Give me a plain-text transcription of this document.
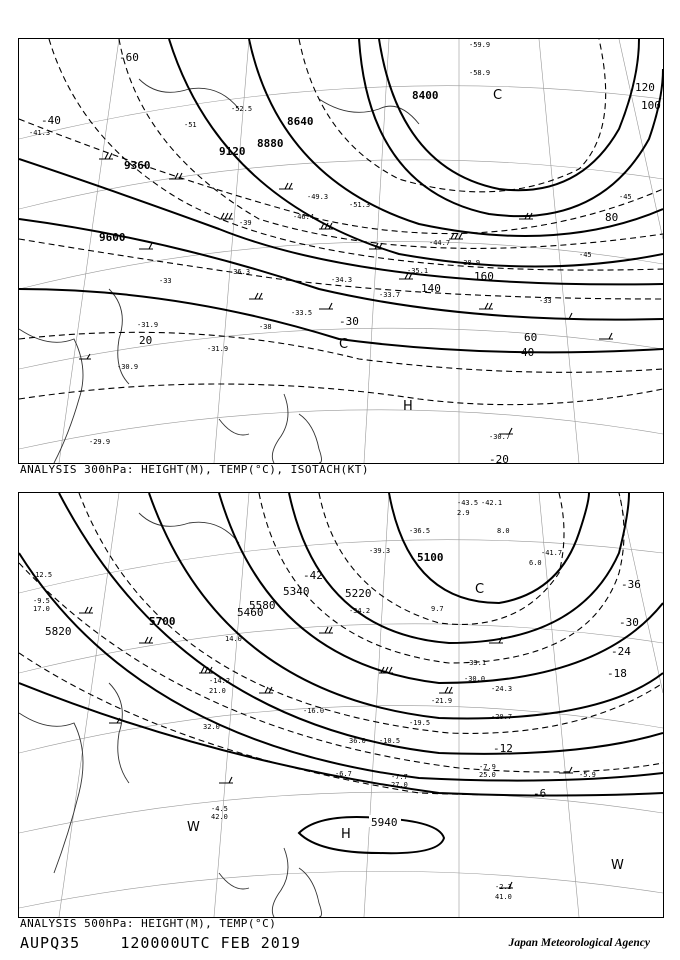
8400
8640
8880
9120
9360
9600
160
140
120
100
80
60
40
20
-20
-60
-40
-30
H
C
C
-59.9
-58.9
-51.3
-52.5
-49.3
-46.4
-44.7
-41.3
-38.9
-36.3	-35.1
-34.3
-33.7
-33.5
-31.9
-31.9
-30.9
-29.9
-30.7
-51
-45
-45
-39
-33
-33
-38
ANALYSIS 300hPa: HEIGHT(M), TEMP(°C), ISOTACH(KT)
5100
5220
5340
5460
5580
5700
5820
5940
-42
-36
-30
-24
-18
-12
-6
H
C
W
W
-43.5 -42.1
-41.7
-39.3
-36.5
-34.2
-33.1
-30.0
-24.3
-21.9
-20.7
-19.5
-16.0
-14.2
-12.5
-10.5
-9.5
-7.9
-7.7
-6.7	-5.9
-4.5
-2.3
2.9
6.0
8.0
9.7
14.0
17.0
21.0
25.0
27.0
32.0
36.0
41.0
42.0
ANALYSIS 500hPa: HEIGHT(M), TEMP(°C)
AUPQ35	120000UTC FEB 2019	Japan Meteorological Agency
